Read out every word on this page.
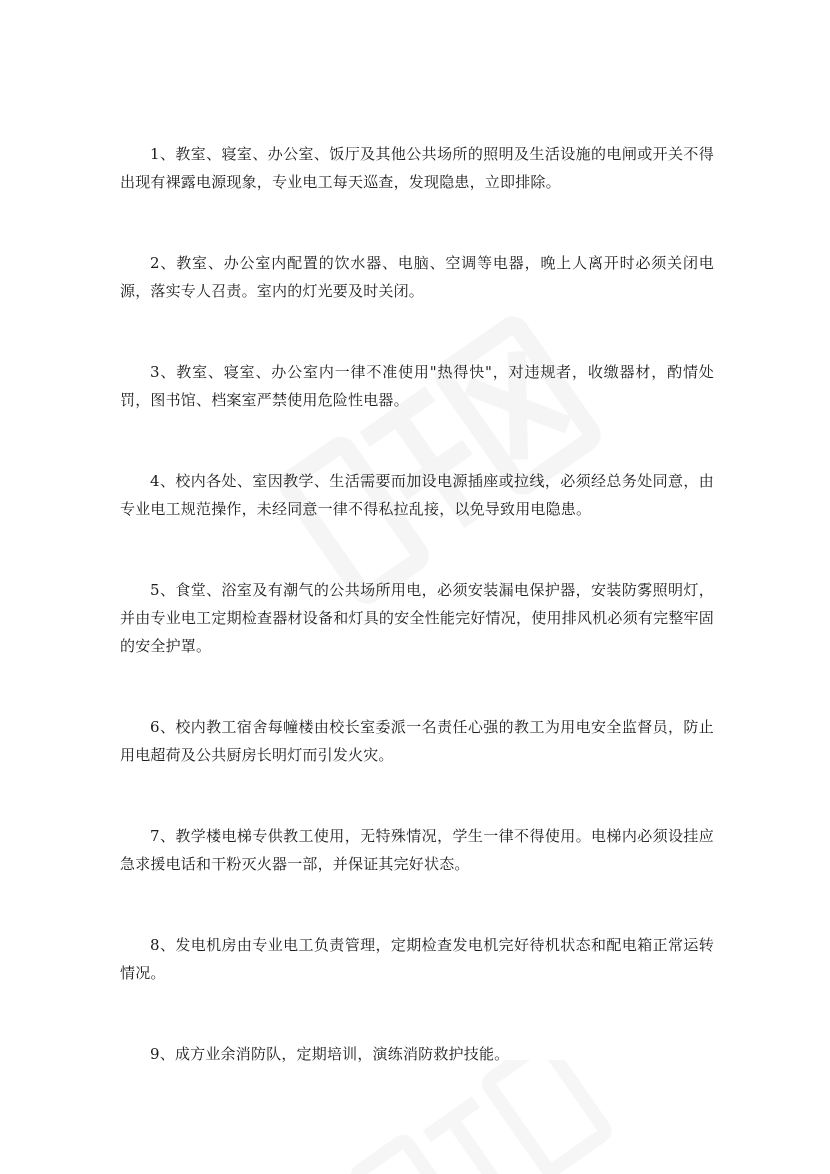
1、教室、寝室、办公室、饭厅及其他公共场所的照明及生活设施的电闸或开关不得出现有裸露电源现象，专业电工每天巡查，发现隐患，立即排除。
2、教室、办公室内配置的饮水器、电脑、空调等电器，晚上人离开时必须关闭电源，落实专人召责。室内的灯光要及时关闭。
3、教室、寝室、办公室内一律不准使用"热得快"，对违规者，收缴器材，酌情处罚，图书馆、档案室严禁使用危险性电器。
4、校内各处、室因教学、生活需要而加设电源插座或拉线，必须经总务处同意，由专业电工规范操作，未经同意一律不得私拉乱接，以免导致用电隐患。
5、食堂、浴室及有潮气的公共场所用电，必须安装漏电保护器，安装防雾照明灯，并由专业电工定期检查器材设备和灯具的安全性能完好情况，使用排风机必须有完整牢固的安全护罩。
6、校内教工宿舍每幢楼由校长室委派一名责任心强的教工为用电安全监督员，防止用电超荷及公共厨房长明灯而引发火灾。
7、教学楼电梯专供教工使用，无特殊情况，学生一律不得使用。电梯内必须设挂应急求援电话和干粉灭火器一部，并保证其完好状态。
8、发电机房由专业电工负责管理，定期检查发电机完好待机状态和配电箱正常运转情况。
9、成方业余消防队，定期培训，演练消防救护技能。
